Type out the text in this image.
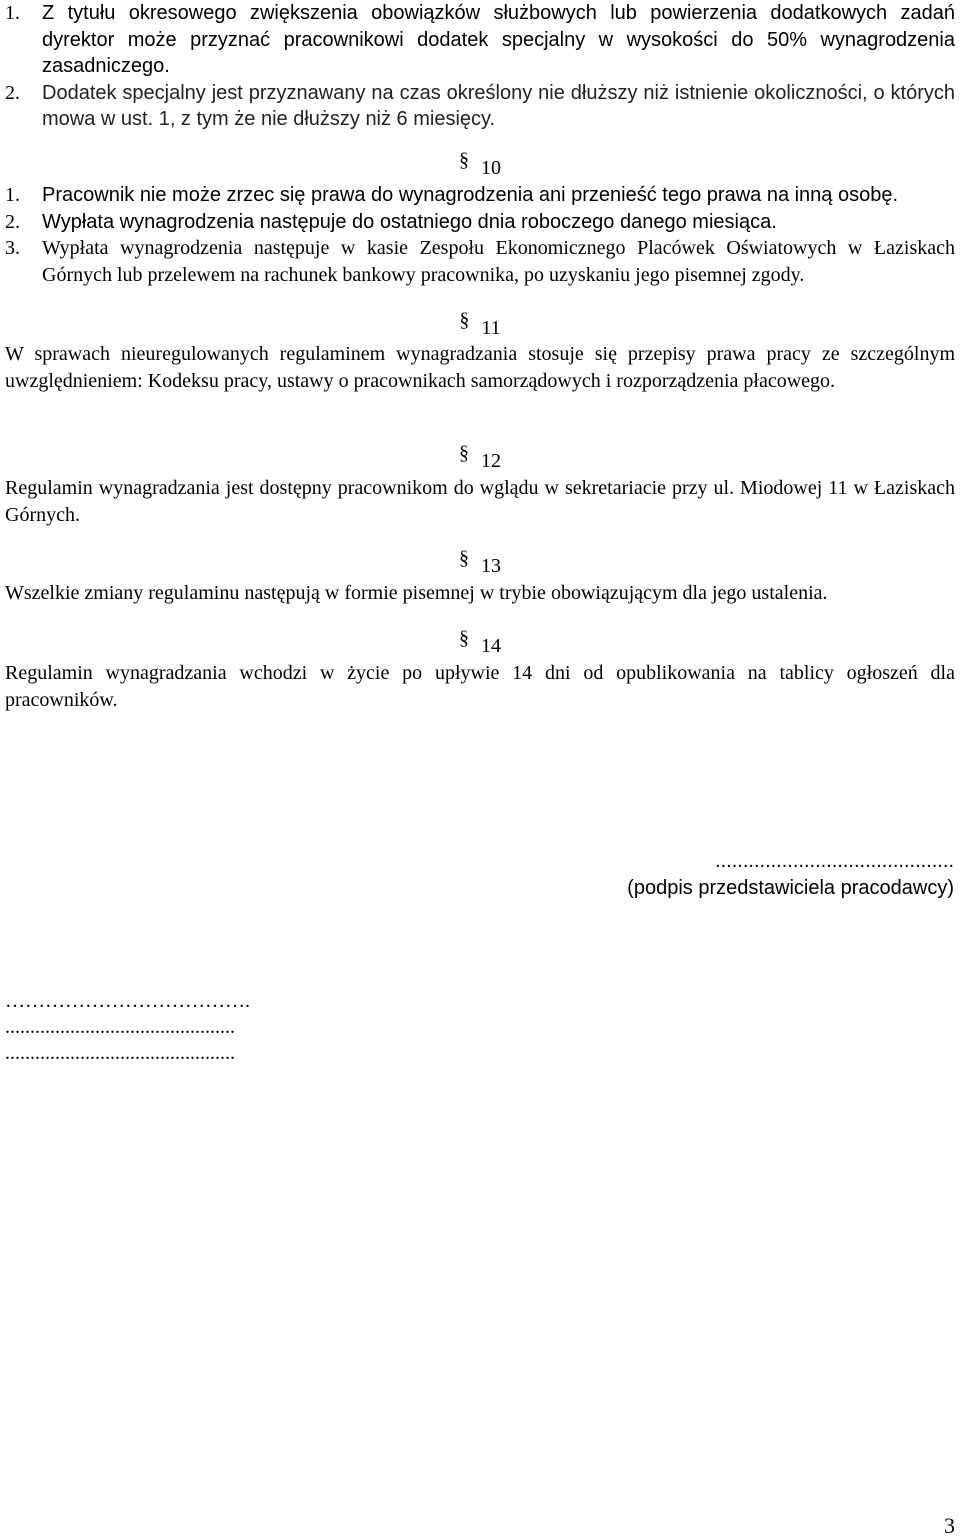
1.	Z tytułu okresowego zwiększenia obowiązków służbowych lub powierzenia dodatkowych zadań dyrektor może przyznać pracownikowi dodatek specjalny w wysokości do 50% wynagrodzenia zasadniczego.
2.	Dodatek specjalny jest przyznawany na czas określony nie dłuższy niż istnienie okoliczności, o których mowa w ust. 1, z tym że nie dłuższy niż 6 miesięcy.
§ 10
1.	Pracownik nie może zrzec się prawa do wynagrodzenia ani przenieść tego prawa na inną osobę.
2.	Wypłata wynagrodzenia następuje do ostatniego dnia roboczego danego miesiąca.
3.	Wypłata wynagrodzenia następuje w kasie Zespołu Ekonomicznego Placówek Oświatowych w Łaziskach Górnych lub przelewem na rachunek bankowy pracownika, po uzyskaniu jego pisemnej zgody.
§ 11
W sprawach nieuregulowanych regulaminem wynagradzania stosuje się przepisy prawa pracy ze szczególnym uwzględnieniem: Kodeksu pracy, ustawy o pracownikach samorządowych i rozporządzenia płacowego.
§ 12
Regulamin wynagradzania jest dostępny pracownikom do wglądu w sekretariacie przy ul. Miodowej 11 w Łaziskach Górnych.
§ 13
Wszelkie zmiany regulaminu następują w formie pisemnej w trybie obowiązującym dla jego ustalenia.
§ 14
Regulamin wynagradzania wchodzi w życie po upływie 14 dni od opublikowania na tablicy ogłoszeń dla pracowników.
...........................................
(podpis przedstawiciela pracodawcy)
……………………………….
..............................................
..............................................
3
